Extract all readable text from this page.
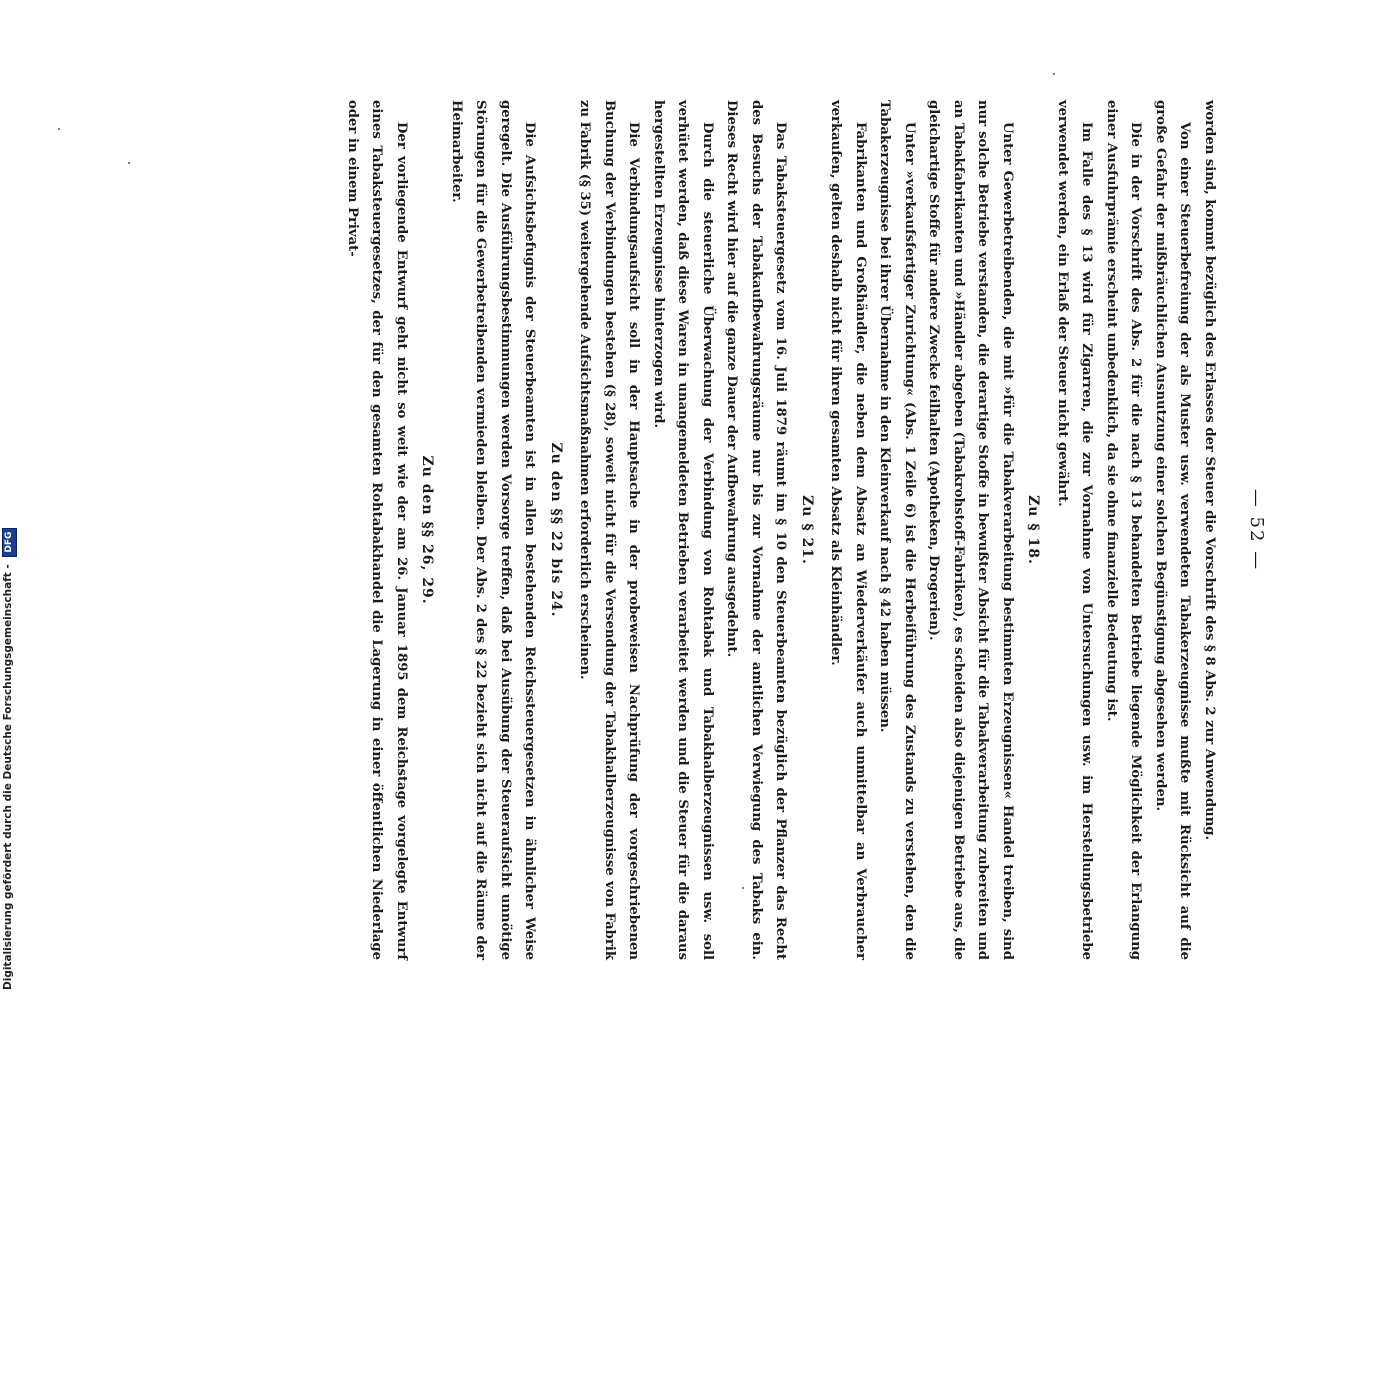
— 52 —

worden sind, kommt bezüglich des Erlasses der Steuer die Vorschrift des § 8 Abs. 2 zur Anwendung.

Von einer Steuerbefreiung der als Muster usw. verwendeten Tabakerzeugnisse mußte mit Rücksicht auf die große Gefahr der mißbräuchlichen Ausnutzung einer solchen Begünstigung abgesehen werden.

Die in der Vorschrift des Abs. 2 für die nach § 13 behandelten Betriebe liegende Möglichkeit der Erlangung einer Ausfuhrprämie erscheint unbedenklich, da sie ohne finanzielle Bedeutung ist.

Im Falle des § 13 wird für Zigarren, die zur Vornahme von Untersuchungen usw. im Herstellungsbetriebe verwendet werden, ein Erlaß der Steuer nicht gewährt.

Zu § 18.

Unter Gewerbetreibenden, die mit »für die Tabakverarbeitung bestimmten Erzeugnissen« Handel treiben, sind nur solche Betriebe verstanden, die derartige Stoffe in bewußter Absicht für die Tabakverarbeitung zubereiten und an Tabakfabrikanten und »Händler abgeben (Tabakrohstoff-Fabriken), es scheiden also diejenigen Betriebe aus, die gleichartige Stoffe für andere Zwecke feilhalten (Apotheken, Drogerien).

Unter »verkaufsfertiger Zurichtung« (Abs. 1 Zeile 6) ist die Herbeiführung des Zustands zu verstehen, den die Tabakerzeugnisse bei ihrer Übernahme in den Kleinverkauf nach § 42 haben müssen.

Fabrikanten und Großhändler, die neben dem Absatz an Wiederverkäufer auch unmittelbar an Verbraucher verkaufen, gelten deshalb nicht für ihren gesamten Absatz als Kleinhändler.

Zu § 21.

Das Tabaksteuergesetz vom 16. Juli 1879 räumt im § 10 den Steuerbeamten bezüglich der Pflanzer das Recht des Besuchs der Tabakaufbewahrungsräume nur bis zur Vornahme der amtlichen Verwiegung des Tabaks ein. Dieses Recht wird hier auf die ganze Dauer der Aufbewahrung ausgedehnt.

Durch die steuerliche Überwachung der Verbindung von Rohtabak und Tabakhalberzeugnissen usw. soll verhütet werden, daß diese Waren in unangemeldeten Betrieben verarbeitet werden und die Steuer für die daraus hergestellten Erzeugnisse hinterzogen wird.

Die Verbindungsaufsicht soll in der Hauptsache in der probeweisen Nachprüfung der vorgeschriebenen Buchung der Verbindungen bestehen (§ 28), soweit nicht für die Versendung der Tabakhalberzeugnisse von Fabrik zu Fabrik (§ 35) weitergehende Aufsichtsmaßnahmen erforderlich erscheinen.

Zu den §§ 22 bis 24.

Die Aufsichtsbefugnis der Steuerbeamten ist in allen bestehenden Reichssteuergesetzen in ähnlicher Weise geregelt. Die Ausführungsbestimmungen werden Vorsorge treffen, daß bei Ausübung der Steueraufsicht unnötige Störungen für die Gewerbetreibenden vermieden bleiben. Der Abs. 2 des § 22 bezieht sich nicht auf die Räume der Heimarbeiter.

Zu den §§ 26, 29.

Der vorliegende Entwurf geht nicht so weit wie der am 26. Januar 1895 dem Reichstage vorgelegte Entwurf eines Tabaksteuergesetzes, der für den gesamten Rohtabakhandel die Lagerung in einer öffentlichen Niederlage oder in einem Privat-

Digitalisierung gefördert durch die Deutsche Forschungsgemeinschaft - DFG
